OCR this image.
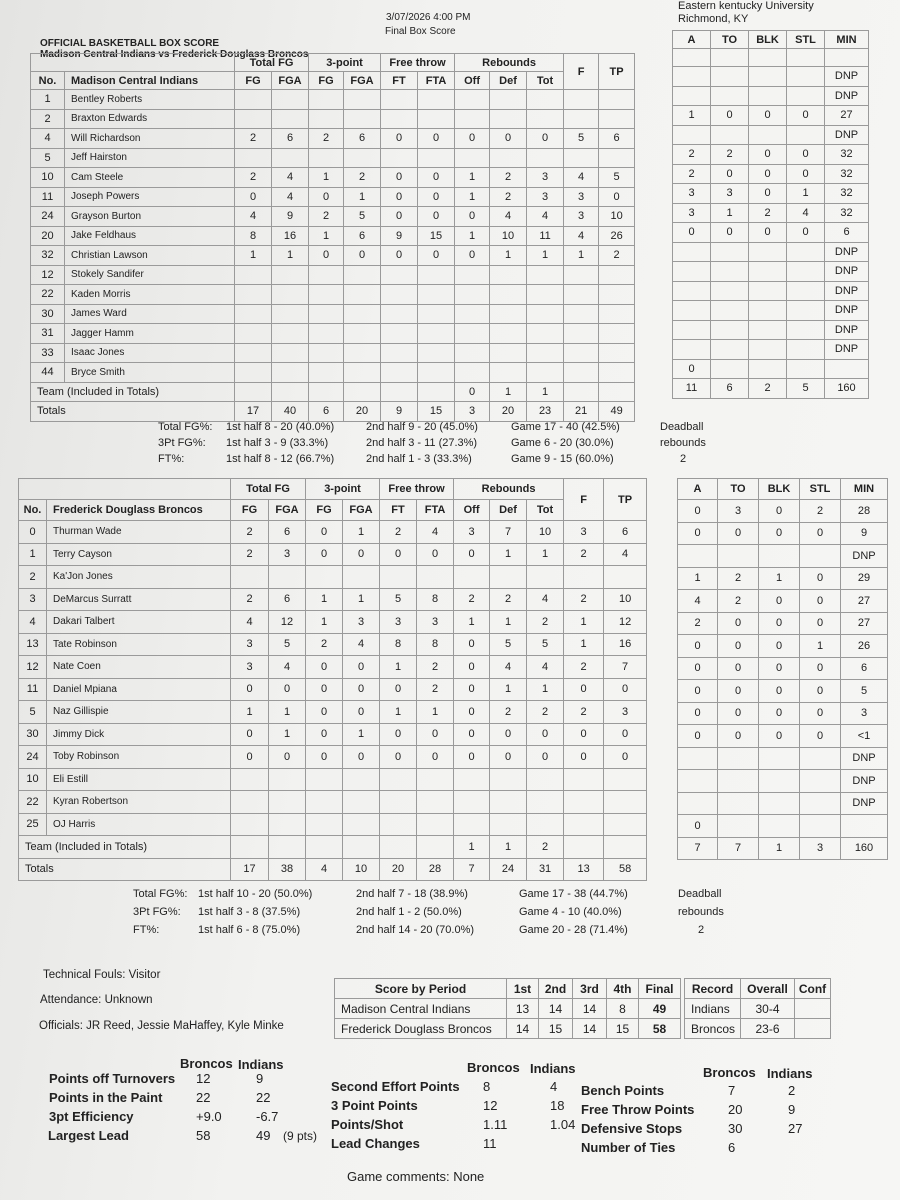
OFFICIAL BASKETBALL BOX SCORE
Madison Central Indians vs Frederick Douglass Broncos
3/07/2026 4:00 PM
Final Box Score
Eastern kentucky University
Richmond, KY
		Total FG		3-point		Free throw		Rebounds			F	TP
No.	Madison Central Indians	FG	FGA	FG	FGA	FT	FTA	Off	Def	Tot		
1	Bentley Roberts											
2	Braxton Edwards											
4	Will Richardson	2	6	2	6	0	0	0	0	0	5	6
5	Jeff Hairston											
10	Cam Steele	2	4	1	2	0	0	1	2	3	4	5
11	Joseph Powers	0	4	0	1	0	0	1	2	3	3	0
24	Grayson Burton	4	9	2	5	0	0	0	4	4	3	10
20	Jake Feldhaus	8	16	1	6	9	15	1	10	11	4	26
32	Christian Lawson	1	1	0	0	0	0	0	1	1	1	2
12	Stokely Sandifer											
22	Kaden Morris											
30	James Ward											
31	Jagger Hamm											
33	Isaac Jones											
44	Bryce Smith											
Team (Included in Totals)								0	1	1		
Totals		17	40	6	20	9	15	3	20	23	21	49
A	TO	BLK	STL	MIN

				DNP
				DNP
1	0	0	0	27
				DNP
2	2	0	0	32
2	0	0	0	32
3	3	0	1	32
3	1	2	4	32
0	0	0	0	6
				DNP
				DNP
				DNP
				DNP
				DNP
				DNP
0				
11	6	2	5	160
Total FG%: 1st half 8 - 20 (40.0%)	2nd half 9 - 20 (45.0%)	Game 17 - 40 (42.5%)
3Pt FG%: 1st half 3 - 9 (33.3%)	2nd half 3 - 11 (27.3%)	Game 6 - 20 (30.0%)
FT%:	1st half 8 - 12 (66.7%)	2nd half 1 - 3 (33.3%)	Game 9 - 15 (60.0%)
Deadball
rebounds
2
		Total FG		3-point		Free throw		Rebounds			F	TP
No.	Frederick Douglass Broncos	FG	FGA	FG	FGA	FT	FTA	Off	Def	Tot		
0	Thurman Wade	2	6	0	1	2	4	3	7	10	3	6
1	Terry Cayson	2	3	0	0	0	0	0	1	1	2	4
2	Ka'Jon Jones											
3	DeMarcus Surratt	2	6	1	1	5	8	2	2	4	2	10
4	Dakari Talbert	4	12	1	3	3	3	1	1	2	1	12
13	Tate Robinson	3	5	2	4	8	8	0	5	5	1	16
12	Nate Coen	3	4	0	0	1	2	0	4	4	2	7
11	Daniel Mpiana	0	0	0	0	0	2	0	1	1	0	0
5	Naz Gillispie	1	1	0	0	1	1	0	2	2	2	3
30	Jimmy Dick	0	1	0	1	0	0	0	0	0	0	0
24	Toby Robinson	0	0	0	0	0	0	0	0	0	0	0
10	Eli Estill											
22	Kyran Robertson											
25	OJ Harris											
Team (Included in Totals)								1	1	2		
Totals		17	38	4	10	20	28	7	24	31	13	58
A	TO	BLK	STL	MIN
0	3	0	2	28
0	0	0	0	9
				DNP
1	2	1	0	29
4	2	0	0	27
2	0	0	0	27
0	0	0	1	26
0	0	0	0	6
0	0	0	0	5
0	0	0	0	3
0	0	0	0	<1
				DNP
				DNP
				DNP
0				
7	7	1	3	160
Total FG%: 1st half 10 - 20 (50.0%)	2nd half 7 - 18 (38.9%)	Game 17 - 38 (44.7%)
3Pt FG%: 1st half 3 - 8 (37.5%)	2nd half 1 - 2 (50.0%)	Game 4 - 10 (40.0%)
FT%:	1st half 6 - 8 (75.0%)	2nd half 14 - 20 (70.0%)	Game 20 - 28 (71.4%)
Deadball
rebounds
2
Technical Fouls: Visitor
Attendance: Unknown
Officials: JR Reed, Jessie MaHaffey, Kyle Minke
Score by Period	1st	2nd	3rd	4th	Final
Madison Central Indians	13	14	14	8	49
Frederick Douglass Broncos	14	15	14	15	58
Record	Overall	Conf
Indians	30-4	
Broncos	23-6	
Broncos Indians
Points off Turnovers 12	9
Points in the Paint	22	22
3pt Efficiency	+9.0	-6.7
Largest Lead	58	49 (9 pts)
Broncos Indians
Second Effort Points 8	4
3 Point Points	12	18
Points/Shot	1.11	1.04
Lead Changes	11
Broncos Indians
Bench Points	7	2
Free Throw Points	20	9
Defensive Stops	30	27
Number of Ties	6
Game comments: None
